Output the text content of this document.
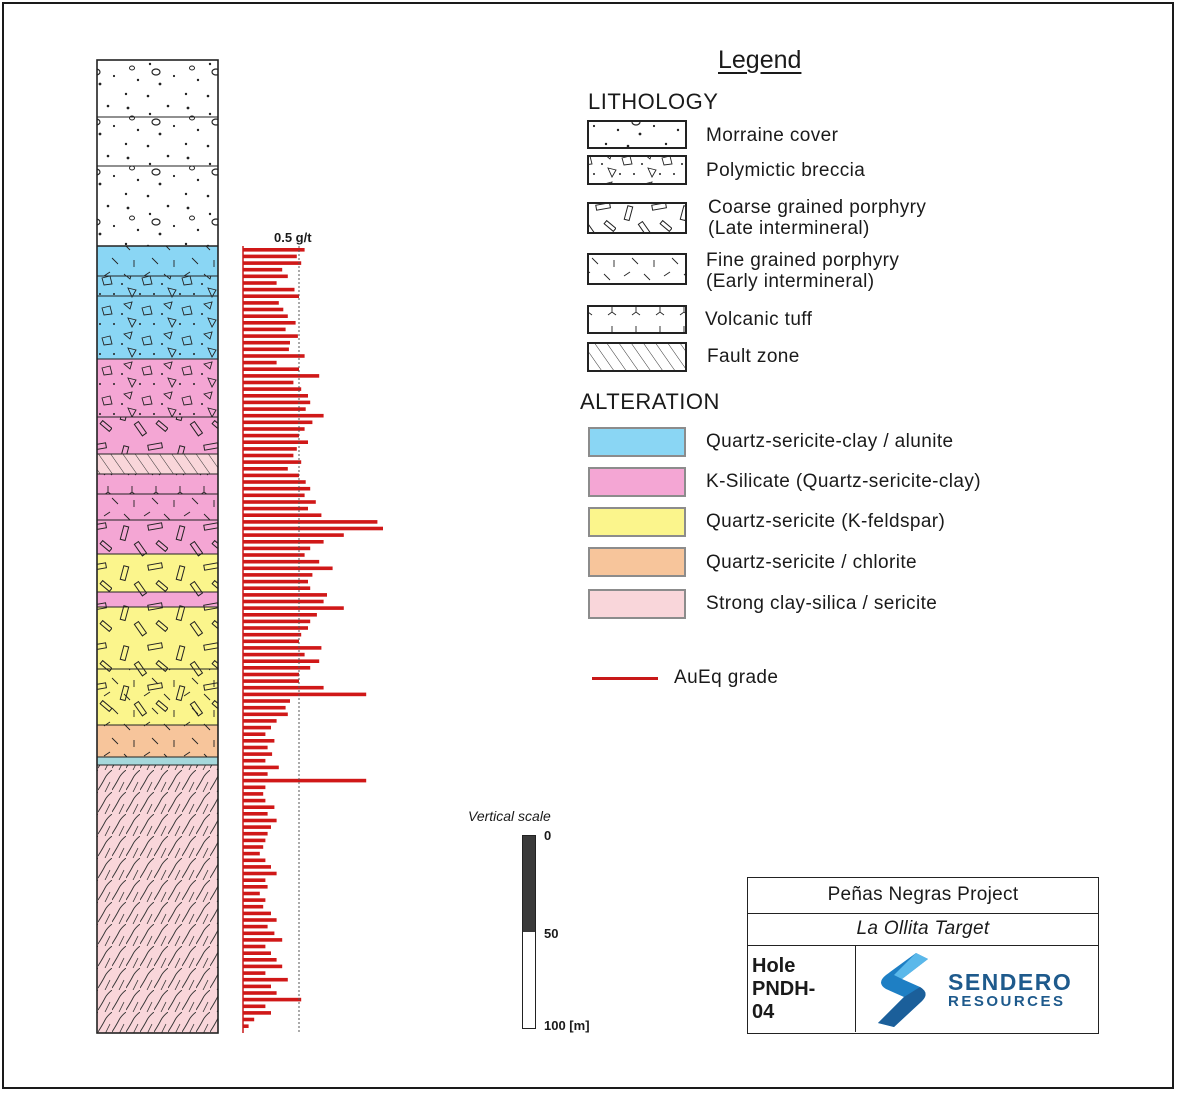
0.5 g/t
Legend
LITHOLOGY
Morraine cover
Polymictic breccia
Coarse grained porphyry
(Late intermineral)
Fine grained porphyry
(Early intermineral)
Volcanic tuff
Fault zone
ALTERATION
Quartz-sericite-clay / alunite
K-Silicate (Quartz-sericite-clay)
Quartz-sericite (K-feldspar)
Quartz-sericite / chlorite
Strong clay-silica / sericite
AuEq grade
Vertical scale
0
50
100 [m]
Peñas Negras Project
La Ollita Target
Hole
PNDH-
04
SENDERO
RESOURCES
